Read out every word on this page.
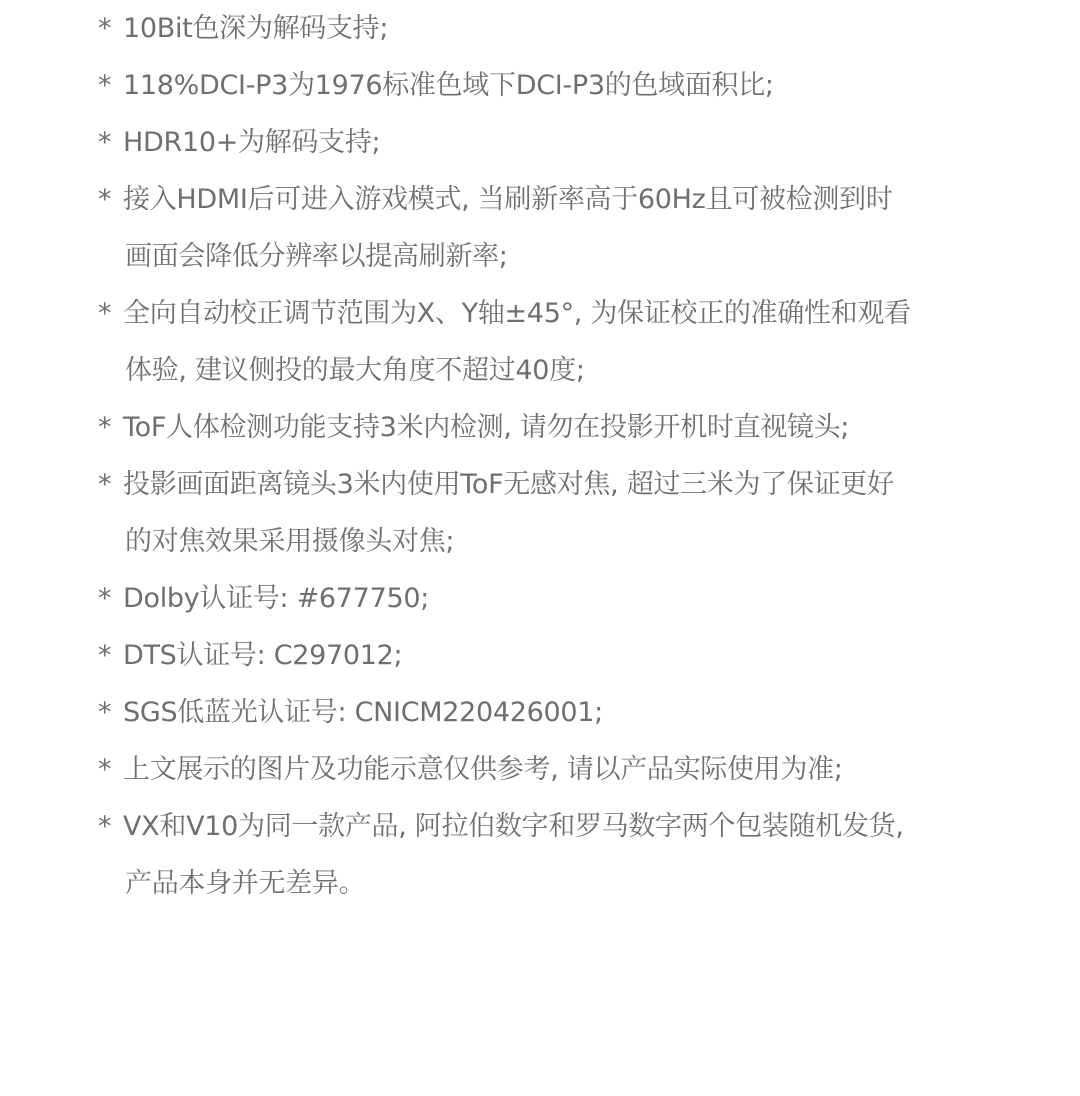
* 10Bit色深为解码支持;
* 118%DCI-P3为1976标准色域下DCI-P3的色域面积比;
* HDR10+为解码支持;
* 接入HDMI后可进入游戏模式, 当刷新率高于60Hz且可被检测到时
画面会降低分辨率以提高刷新率;
* 全向自动校正调节范围为X、Y轴±45°, 为保证校正的准确性和观看
体验, 建议侧投的最大角度不超过40度;
* ToF人体检测功能支持3米内检测, 请勿在投影开机时直视镜头;
* 投影画面距离镜头3米内使用ToF无感对焦, 超过三米为了保证更好
的对焦效果采用摄像头对焦;
* Dolby认证号: #677750;
* DTS认证号: C297012;
* SGS低蓝光认证号: CNICM220426001;
* 上文展示的图片及功能示意仅供参考, 请以产品实际使用为准;
* VX和V10为同一款产品, 阿拉伯数字和罗马数字两个包装随机发货,
产品本身并无差异。
